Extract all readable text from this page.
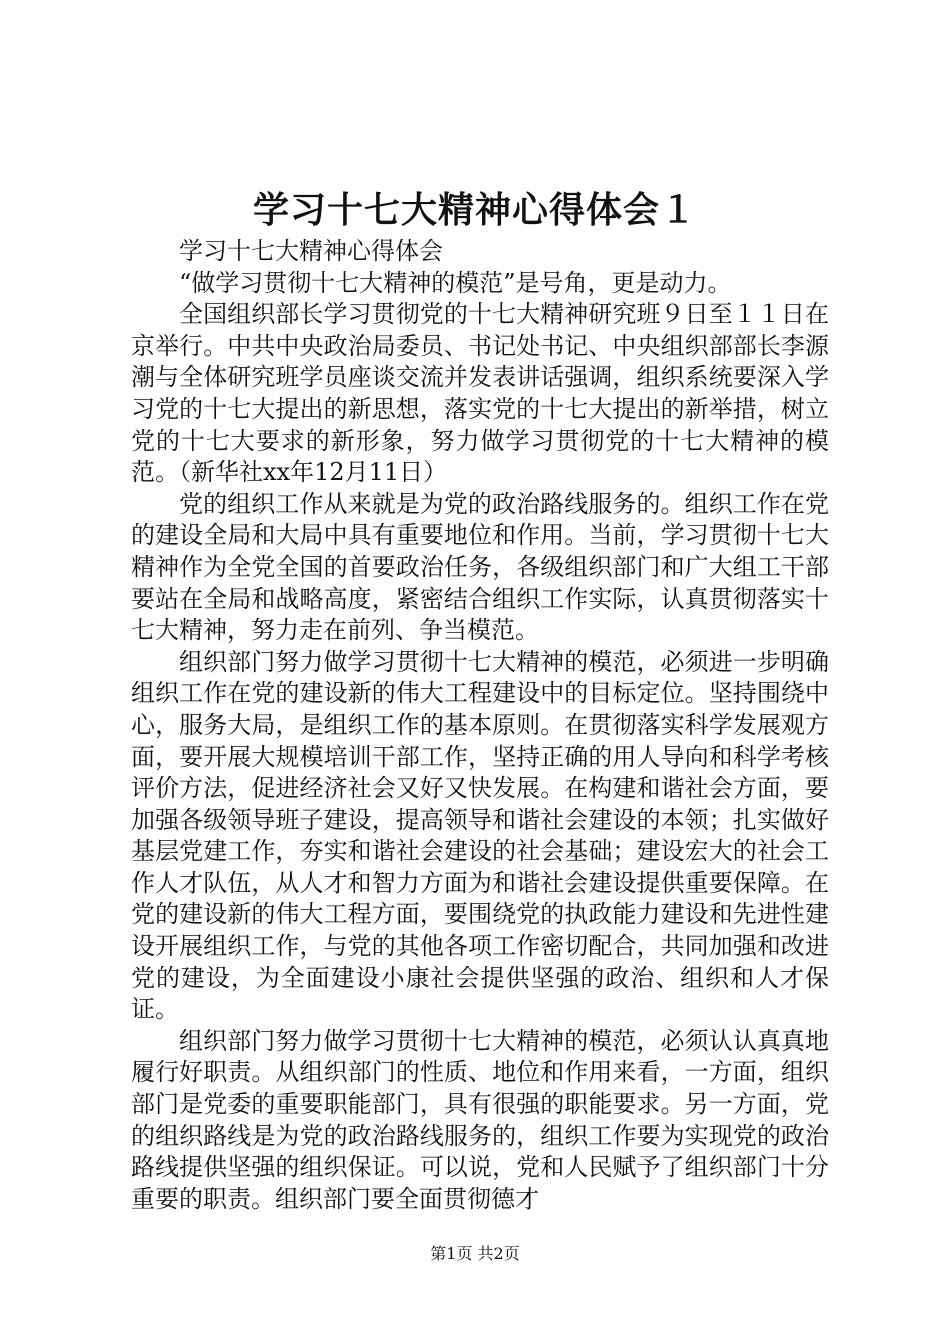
学习十七大精神心得体会１

学习十七大精神心得体会

“做学习贯彻十七大精神的模范”是号角，更是动力。

全国组织部长学习贯彻党的十七大精神研究班９日至１１日在京举行。中共中央政治局委员、书记处书记、中央组织部部长李源潮与全体研究班学员座谈交流并发表讲话强调，组织系统要深入学习党的十七大提出的新思想，落实党的十七大提出的新举措，树立党的十七大要求的新形象，努力做学习贯彻党的十七大精神的模范。（新华社xx年12月11日）

党的组织工作从来就是为党的政治路线服务的。组织工作在党的建设全局和大局中具有重要地位和作用。当前，学习贯彻十七大精神作为全党全国的首要政治任务，各级组织部门和广大组工干部要站在全局和战略高度，紧密结合组织工作实际，认真贯彻落实十七大精神，努力走在前列、争当模范。

组织部门努力做学习贯彻十七大精神的模范，必须进一步明确组织工作在党的建设新的伟大工程建设中的目标定位。坚持围绕中心，服务大局，是组织工作的基本原则。在贯彻落实科学发展观方面，要开展大规模培训干部工作，坚持正确的用人导向和科学考核评价方法，促进经济社会又好又快发展。在构建和谐社会方面，要加强各级领导班子建设，提高领导和谐社会建设的本领；扎实做好基层党建工作，夯实和谐社会建设的社会基础；建设宏大的社会工作人才队伍，从人才和智力方面为和谐社会建设提供重要保障。在党的建设新的伟大工程方面，要围绕党的执政能力建设和先进性建设开展组织工作，与党的其他各项工作密切配合，共同加强和改进党的建设，为全面建设小康社会提供坚强的政治、组织和人才保证。

组织部门努力做学习贯彻十七大精神的模范，必须认认真真地履行好职责。从组织部门的性质、地位和作用来看，一方面，组织部门是党委的重要职能部门，具有很强的职能要求。另一方面，党的组织路线是为党的政治路线服务的，组织工作要为实现党的政治路线提供坚强的组织保证。可以说，党和人民赋予了组织部门十分重要的职责。组织部门要全面贯彻德才

第1页 共2页
